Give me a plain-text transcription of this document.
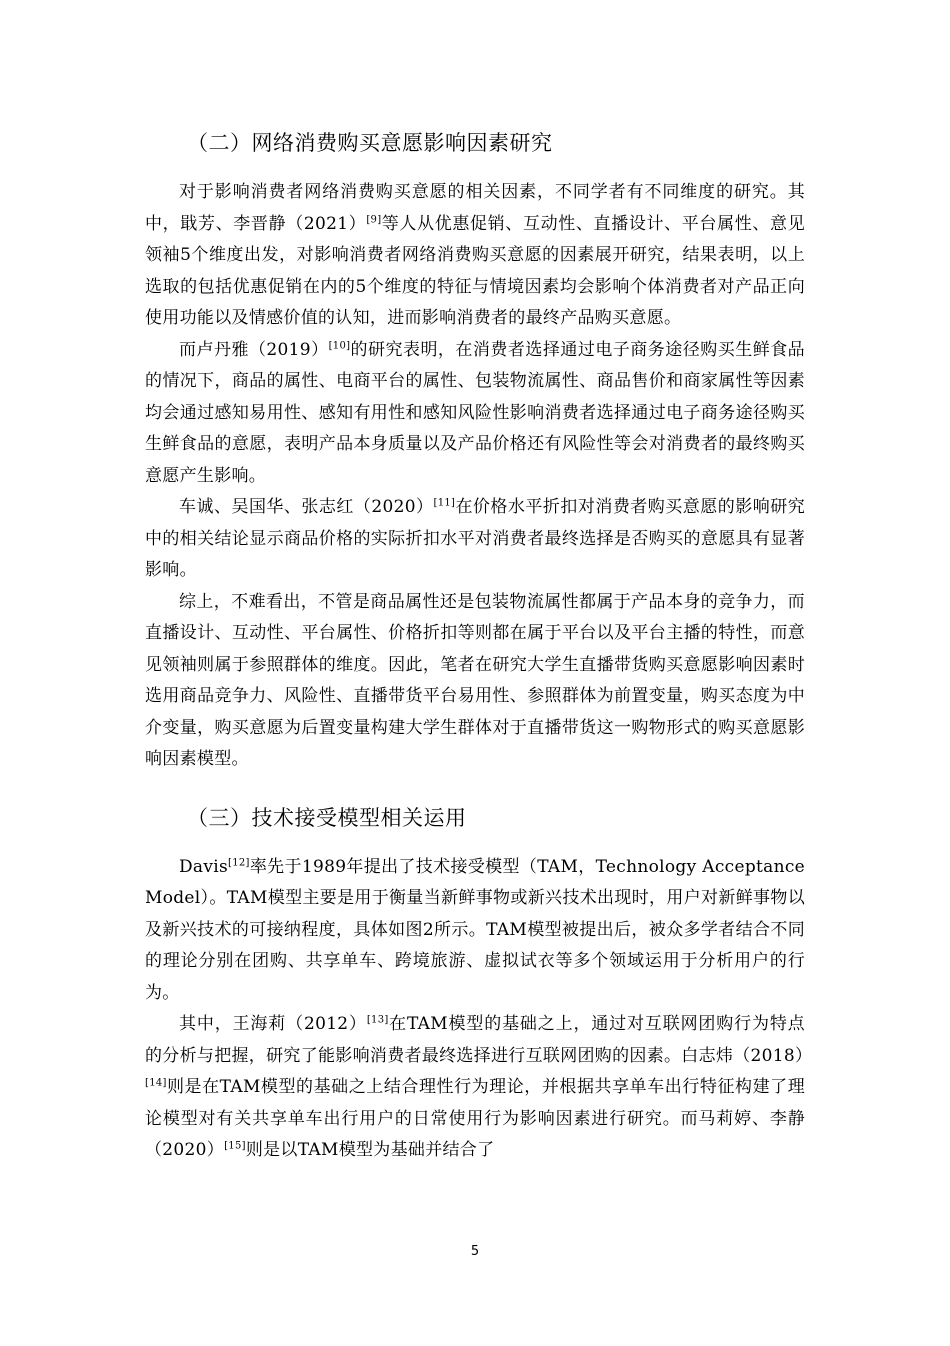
（二）网络消费购买意愿影响因素研究

对于影响消费者网络消费购买意愿的相关因素，不同学者有不同维度的研究。其中，戢芳、李晋静（2021）[9]等人从优惠促销、互动性、直播设计、平台属性、意见领袖5个维度出发，对影响消费者网络消费购买意愿的因素展开研究，结果表明，以上选取的包括优惠促销在内的5个维度的特征与情境因素均会影响个体消费者对产品正向使用功能以及情感价值的认知，进而影响消费者的最终产品购买意愿。

而卢丹雅（2019）[10]的研究表明，在消费者选择通过电子商务途径购买生鲜食品的情况下，商品的属性、电商平台的属性、包装物流属性、商品售价和商家属性等因素均会通过感知易用性、感知有用性和感知风险性影响消费者选择通过电子商务途径购买生鲜食品的意愿，表明产品本身质量以及产品价格还有风险性等会对消费者的最终购买意愿产生影响。

车诚、吴国华、张志红（2020）[11]在价格水平折扣对消费者购买意愿的影响研究中的相关结论显示商品价格的实际折扣水平对消费者最终选择是否购买的意愿具有显著影响。

综上，不难看出，不管是商品属性还是包装物流属性都属于产品本身的竞争力，而直播设计、互动性、平台属性、价格折扣等则都在属于平台以及平台主播的特性，而意见领袖则属于参照群体的维度。因此，笔者在研究大学生直播带货购买意愿影响因素时选用商品竞争力、风险性、直播带货平台易用性、参照群体为前置变量，购买态度为中介变量，购买意愿为后置变量构建大学生群体对于直播带货这一购物形式的购买意愿影响因素模型。

（三）技术接受模型相关运用

Davis[12]率先于1989年提出了技术接受模型（TAM，Technology Acceptance Model）。TAM模型主要是用于衡量当新鲜事物或新兴技术出现时，用户对新鲜事物以及新兴技术的可接纳程度，具体如图2所示。TAM模型被提出后，被众多学者结合不同的理论分别在团购、共享单车、跨境旅游、虚拟试衣等多个领域运用于分析用户的行为。

其中，王海莉（2012）[13]在TAM模型的基础之上，通过对互联网团购行为特点的分析与把握，研究了能影响消费者最终选择进行互联网团购的因素。白志炜（2018）[14]则是在TAM模型的基础之上结合理性行为理论，并根据共享单车出行特征构建了理论模型对有关共享单车出行用户的日常使用行为影响因素进行研究。而马莉婷、李静（2020）[15]则是以TAM模型为基础并结合了

5
